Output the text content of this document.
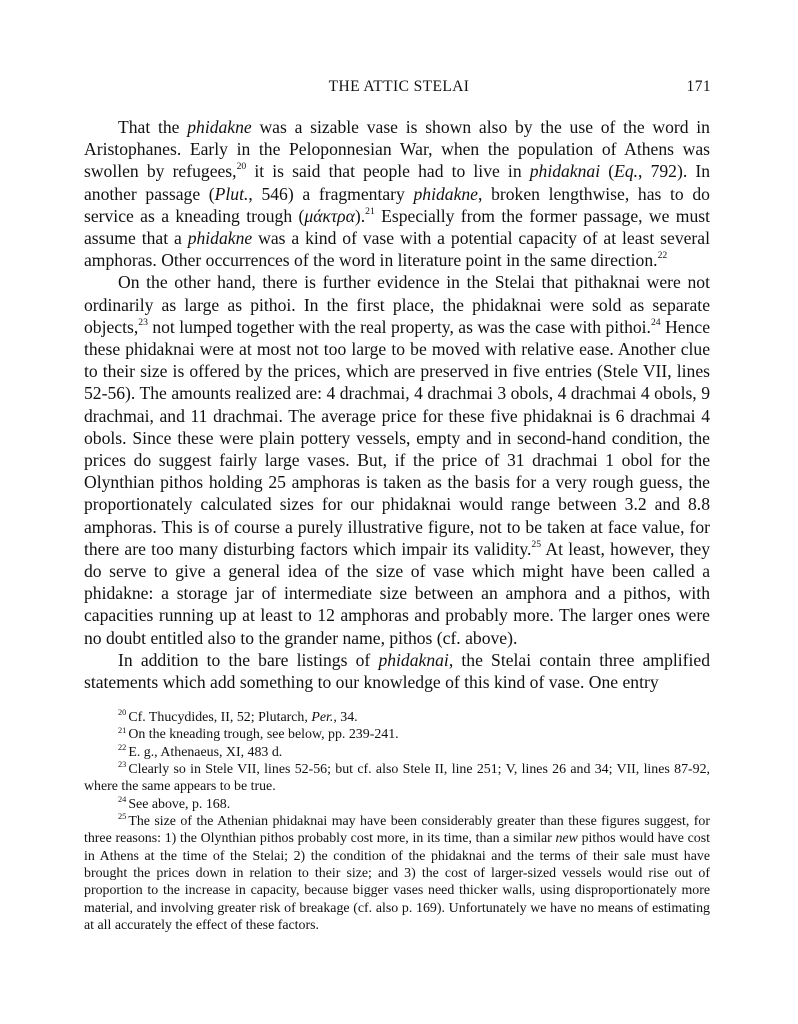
THE ATTIC STELAI	171

That the phidakne was a sizable vase is shown also by the use of the word in Aristophanes. Early in the Peloponnesian War, when the population of Athens was swollen by refugees,$^{20}$ it is said that people had to live in phidaknai (Eq., 792). In another passage (Plut., 546) a fragmentary phidakne, broken lengthwise, has to do service as a kneading trough (μάκτρα).$^{21}$ Especially from the former passage, we must assume that a phidakne was a kind of vase with a potential capacity of at least several amphoras. Other occurrences of the word in literature point in the same direction.$^{22}$

On the other hand, there is further evidence in the Stelai that pithaknai were not ordinarily as large as pithoi. In the first place, the phidaknai were sold as separate objects,$^{23}$ not lumped together with the real property, as was the case with pithoi.$^{24}$ Hence these phidaknai were at most not too large to be moved with relative ease. Another clue to their size is offered by the prices, which are preserved in five entries (Stele VII, lines 52-56). The amounts realized are: 4 drachmai, 4 drachmai 3 obols, 4 drachmai 4 obols, 9 drachmai, and 11 drachmai. The average price for these five phidaknai is 6 drachmai 4 obols. Since these were plain pottery vessels, empty and in second-hand condition, the prices do suggest fairly large vases. But, if the price of 31 drachmai 1 obol for the Olynthian pithos holding 25 amphoras is taken as the basis for a very rough guess, the proportionately calculated sizes for our phidaknai would range between 3.2 and 8.8 amphoras. This is of course a purely illustrative figure, not to be taken at face value, for there are too many disturbing factors which impair its validity.$^{25}$ At least, however, they do serve to give a general idea of the size of vase which might have been called a phidakne: a storage jar of intermediate size between an amphora and a pithos, with capacities running up at least to 12 amphoras and probably more. The larger ones were no doubt entitled also to the grander name, pithos (cf. above).

In addition to the bare listings of phidaknai, the Stelai contain three amplified statements which add something to our knowledge of this kind of vase. One entry

$^{20}$ Cf. Thucydides, II, 52; Plutarch, Per., 34.

$^{21}$ On the kneading trough, see below, pp. 239-241.

$^{22}$ E. g., Athenaeus, XI, 483 d.

$^{23}$ Clearly so in Stele VII, lines 52-56; but cf. also Stele II, line 251; V, lines 26 and 34; VII, lines 87-92, where the same appears to be true.

$^{24}$ See above, p. 168.

$^{25}$ The size of the Athenian phidaknai may have been considerably greater than these figures suggest, for three reasons: 1) the Olynthian pithos probably cost more, in its time, than a similar new pithos would have cost in Athens at the time of the Stelai; 2) the condition of the phidaknai and the terms of their sale must have brought the prices down in relation to their size; and 3) the cost of larger-sized vessels would rise out of proportion to the increase in capacity, because bigger vases need thicker walls, using disproportionately more material, and involving greater risk of breakage (cf. also p. 169). Unfortunately we have no means of estimating at all accurately the effect of these factors.
